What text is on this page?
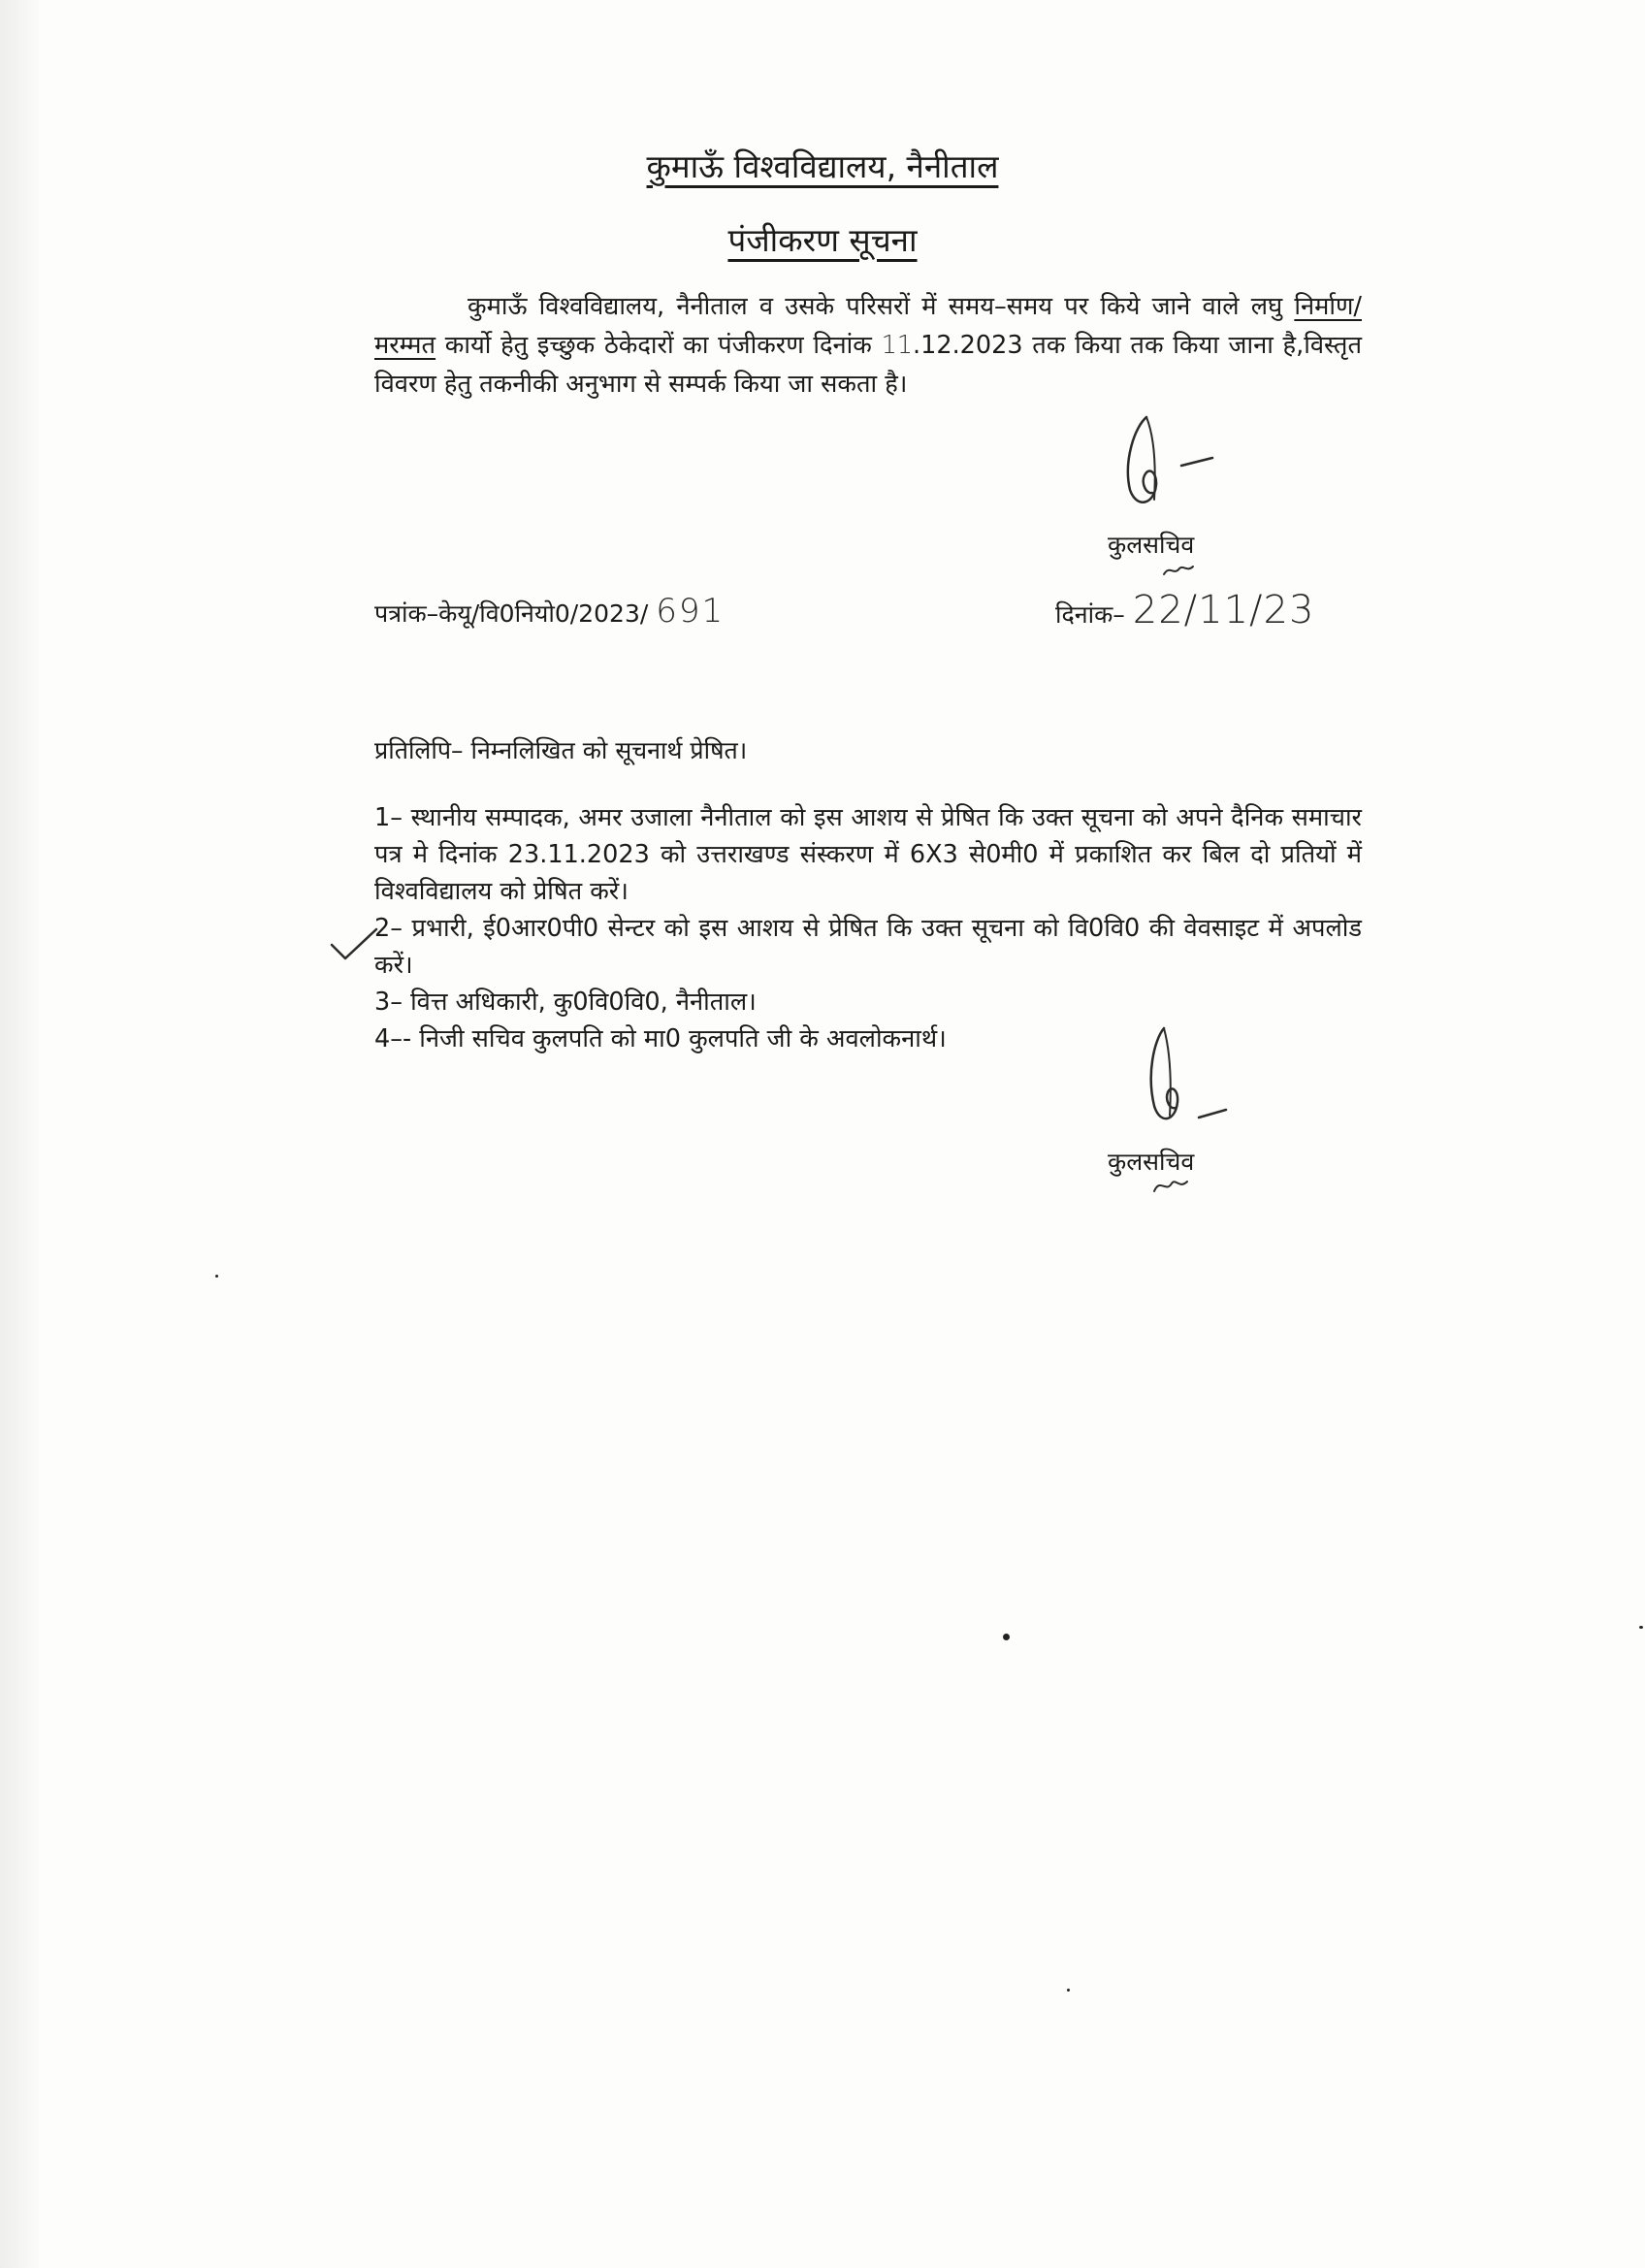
कुमाऊँ विश्वविद्यालय, नैनीताल
पंजीकरण सूचना

कुमाऊँ विश्वविद्यालय, नैनीताल व उसके परिसरों में समय–समय पर किये जाने वाले लघु निर्माण/मरम्मत कार्यो हेतु इच्छुक ठेकेदारों का पंजीकरण दिनांक 11.12.2023 तक किया तक किया जाना है,विस्तृत विवरण हेतु तकनीकी अनुभाग से सम्पर्क किया जा सकता है।

कुलसचिव
पत्रांक–केयू/वि0नियो0/2023/ 691	दिनांक– 22/11/23

प्रतिलिपि– निम्नलिखित को सूचनार्थ प्रेषित।

1– स्थानीय सम्पादक, अमर उजाला नैनीताल को इस आशय से प्रेषित कि उक्त सूचना को अपने दैनिक समाचार पत्र मे दिनांक 23.11.2023 को उत्तराखण्ड संस्करण में 6X3 से0मी0 में प्रकाशित कर बिल दो प्रतियों में विश्वविद्यालय को प्रेषित करें।
2– प्रभारी, ई0आर0पी0 सेन्टर को इस आशय से प्रेषित कि उक्त सूचना को वि0वि0 की वेवसाइट में अपलोड करें।
3– वित्त अधिकारी, कु0वि0वि0, नैनीताल।
4–- निजी सचिव कुलपति को मा0 कुलपति जी के अवलोकनार्थ।
कुलसचिव
